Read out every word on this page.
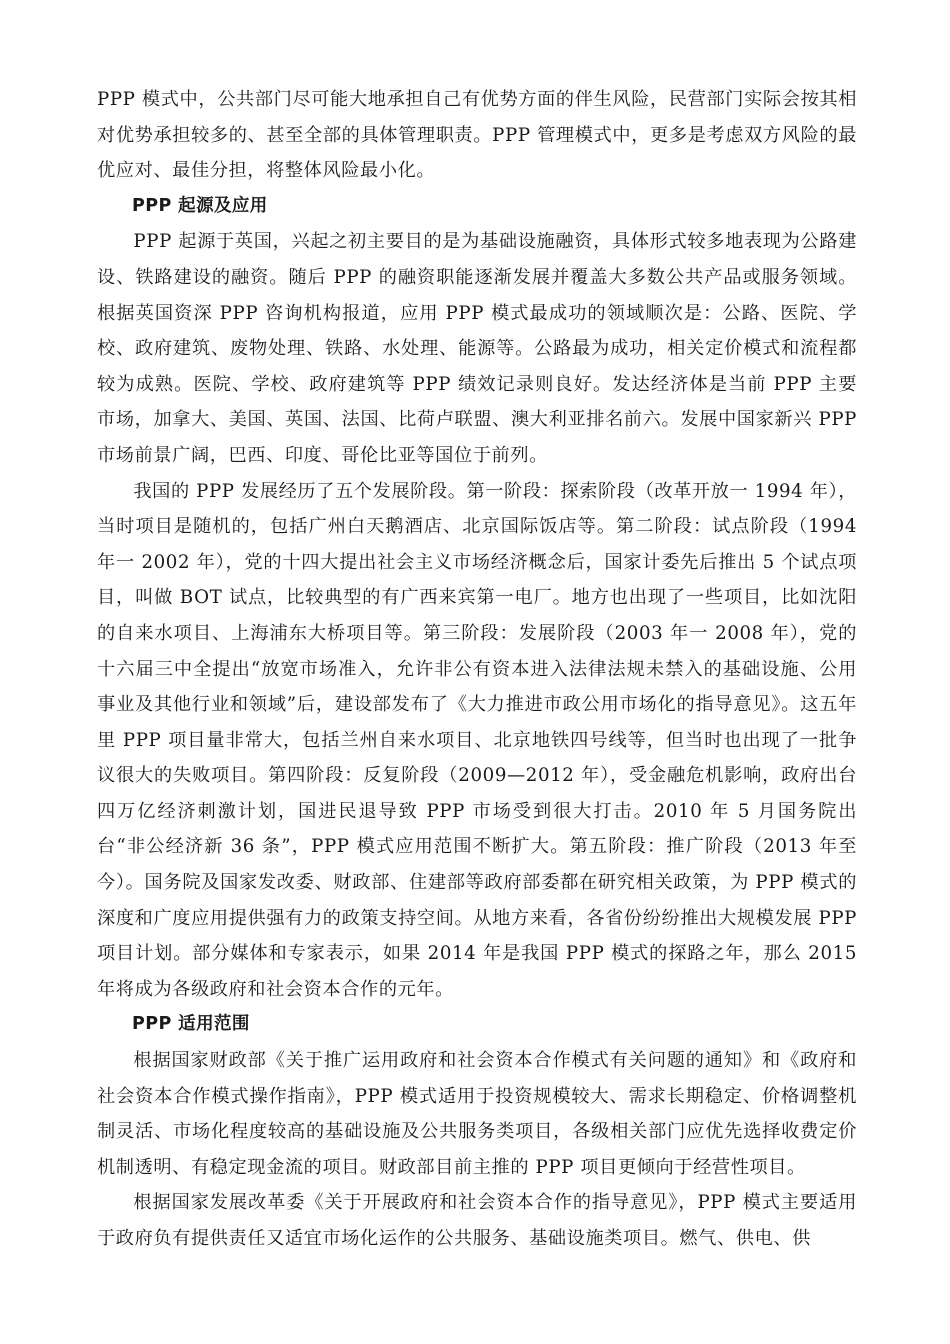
PPP 模式中，公共部门尽可能大地承担自己有优势方面的伴生风险，民营部门实际会按其相对优势承担较多的、甚至全部的具体管理职责。PPP 管理模式中，更多是考虑双方风险的最优应对、最佳分担，将整体风险最小化。

PPP 起源及应用

PPP 起源于英国，兴起之初主要目的是为基础设施融资，具体形式较多地表现为公路建设、铁路建设的融资。随后 PPP 的融资职能逐渐发展并覆盖大多数公共产品或服务领域。根据英国资深 PPP 咨询机构报道，应用 PPP 模式最成功的领域顺次是：公路、医院、学校、政府建筑、废物处理、铁路、水处理、能源等。公路最为成功，相关定价模式和流程都较为成熟。医院、学校、政府建筑等 PPP 绩效记录则良好。发达经济体是当前 PPP 主要市场，加拿大、美国、英国、法国、比荷卢联盟、澳大利亚排名前六。发展中国家新兴 PPP 市场前景广阔，巴西、印度、哥伦比亚等国位于前列。

我国的 PPP 发展经历了五个发展阶段。第一阶段：探索阶段（改革开放一 1994 年），当时项目是随机的，包括广州白天鹅酒店、北京国际饭店等。第二阶段：试点阶段（1994 年一 2002 年），党的十四大提出社会主义市场经济概念后，国家计委先后推出 5 个试点项目，叫做 BOT 试点，比较典型的有广西来宾第一电厂。地方也出现了一些项目，比如沈阳的自来水项目、上海浦东大桥项目等。第三阶段：发展阶段（2003 年一 2008 年），党的十六届三中全提出“放宽市场准入，允许非公有资本进入法律法规未禁入的基础设施、公用事业及其他行业和领域”后，建设部发布了《大力推进市政公用市场化的指导意见》。这五年里 PPP 项目量非常大，包括兰州自来水项目、北京地铁四号线等，但当时也出现了一批争议很大的失败项目。第四阶段：反复阶段（2009—2012 年），受金融危机影响，政府出台四万亿经济刺激计划，国进民退导致 PPP 市场受到很大打击。2010 年 5 月国务院出台“非公经济新 36 条”，PPP 模式应用范围不断扩大。第五阶段：推广阶段（2013 年至今）。国务院及国家发改委、财政部、住建部等政府部委都在研究相关政策，为 PPP 模式的深度和广度应用提供强有力的政策支持空间。从地方来看，各省份纷纷推出大规模发展 PPP 项目计划。部分媒体和专家表示，如果 2014 年是我国 PPP 模式的探路之年，那么 2015 年将成为各级政府和社会资本合作的元年。

PPP 适用范围

根据国家财政部《关于推广运用政府和社会资本合作模式有关问题的通知》和《政府和社会资本合作模式操作指南》，PPP 模式适用于投资规模较大、需求长期稳定、价格调整机制灵活、市场化程度较高的基础设施及公共服务类项目，各级相关部门应优先选择收费定价机制透明、有稳定现金流的项目。财政部目前主推的 PPP 项目更倾向于经营性项目。

根据国家发展改革委《关于开展政府和社会资本合作的指导意见》，PPP 模式主要适用于政府负有提供责任又适宜市场化运作的公共服务、基础设施类项目。燃气、供电、供
